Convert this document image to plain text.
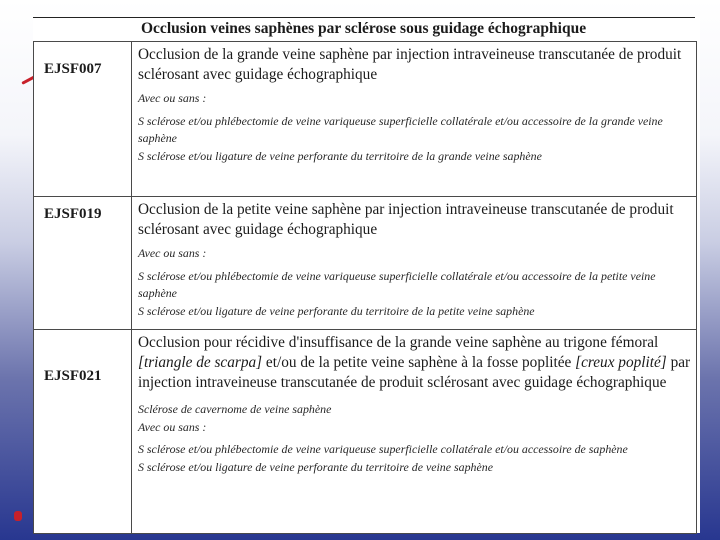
Occlusion veines saphènes par sclérose sous guidage échographique
EJSF007	Occlusion de la grande veine saphène par injection intraveineuse transcutanée de produit sclérosant avec guidage échographique

Avec ou sans :

S sclérose et/ou phlébectomie de veine variqueuse superficielle collatérale et/ou accessoire de la grande veine saphène

S sclérose et/ou ligature de veine perforante du territoire de la grande veine saphène

EJSF019	Occlusion de la petite veine saphène par injection intraveineuse transcutanée de produit sclérosant avec guidage échographique

Avec ou sans :

S sclérose et/ou phlébectomie de veine variqueuse superficielle collatérale et/ou accessoire de la petite veine saphène

S sclérose et/ou ligature de veine perforante du territoire de la petite veine saphène

EJSF021	Occlusion pour récidive d'insuffisance de la grande veine saphène au trigone fémoral [triangle de scarpa] et/ou de la petite veine saphène à la fosse poplitée [creux poplité] par injection intraveineuse transcutanée de produit sclérosant avec guidage échographique

Sclérose de cavernome de veine saphène

Avec ou sans :

S sclérose et/ou phlébectomie de veine variqueuse superficielle collatérale et/ou accessoire de saphène

S sclérose et/ou ligature de veine perforante du territoire de veine saphène
